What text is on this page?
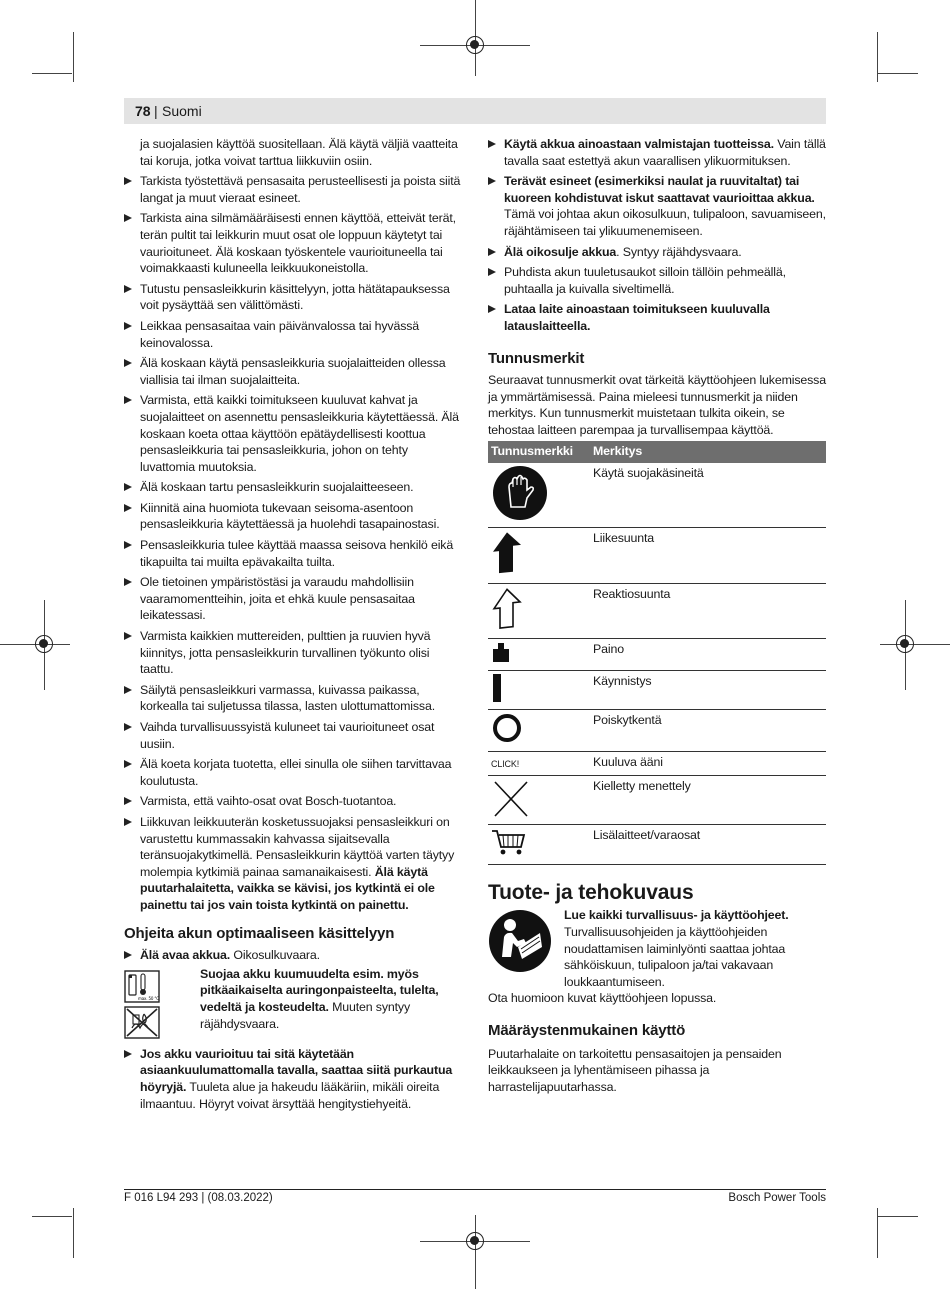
78 | Suomi

ja suojalasien käyttöä suositellaan. Älä käytä väljiä vaatteita tai koruja, jotka voivat tarttua liikkuviin osiin.

Tarkista työstettävä pensasaita perusteellisesti ja poista siitä langat ja muut vieraat esineet.
Tarkista aina silmämääräisesti ennen käyttöä, etteivät terät, terän pultit tai leikkurin muut osat ole loppuun käytetyt tai vaurioituneet. Älä koskaan työskentele vaurioituneella tai voimakkaasti kuluneella leikkuukoneistolla.
Tutustu pensasleikkurin käsittelyyn, jotta hätätapauksessa voit pysäyttää sen välittömästi.
Leikkaa pensasaitaa vain päivänvalossa tai hyvässä keinovalossa.
Älä koskaan käytä pensasleikkuria suojalaitteiden ollessa viallisia tai ilman suojalaitteita.
Varmista, että kaikki toimitukseen kuuluvat kahvat ja suojalaitteet on asennettu pensasleikkuria käytettäessä. Älä koskaan koeta ottaa käyttöön epätäydellisesti koottua pensasleikkuria tai pensasleikkuria, johon on tehty luvattomia muutoksia.
Älä koskaan tartu pensasleikkurin suojalaitteeseen.
Kiinnitä aina huomiota tukevaan seisoma-asentoon pensasleikkuria käytettäessä ja huolehdi tasapainostasi.
Pensasleikkuria tulee käyttää maassa seisova henkilö eikä tikapuilta tai muilta epävakailta tuilta.
Ole tietoinen ympäristöstäsi ja varaudu mahdollisiin vaaramomentteihin, joita et ehkä kuule pensasaitaa leikatessasi.
Varmista kaikkien muttereiden, pulttien ja ruuvien hyvä kiinnitys, jotta pensasleikkurin turvallinen työkunto olisi taattu.
Säilytä pensasleikkuri varmassa, kuivassa paikassa, korkealla tai suljetussa tilassa, lasten ulottumattomissa.
Vaihda turvallisuussyistä kuluneet tai vaurioituneet osat uusiin.
Älä koeta korjata tuotetta, ellei sinulla ole siihen tarvittavaa koulutusta.
Varmista, että vaihto-osat ovat Bosch-tuotantoa.
Liikkuvan leikkuuterän kosketussuojaksi pensasleikkuri on varustettu kummassakin kahvassa sijaitsevalla teränsuojakytkimellä. Pensasleikkurin käyttöä varten täytyy molempia kytkimiä painaa samanaikaisesti. Älä käytä puutarhalaitetta, vaikka se kävisi, jos kytkintä ei ole painettu tai jos vain toista kytkintä on painettu.
Ohjeita akun optimaaliseen käsittelyyn
Älä avaa akkua. Oikosulkuvaara.
max. 50 °C
Suojaa akku kuumuudelta esim. myös pitkäaikaiselta auringonpaisteelta, tulelta, vedeltä ja kosteudelta. Muuten syntyy räjähdysvaara.
Jos akku vaurioituu tai sitä käytetään asiaankuulumattomalla tavalla, saattaa siitä purkautua höyryjä. Tuuleta alue ja hakeudu lääkäriin, mikäli oireita ilmaantuu. Höyryt voivat ärsyttää hengitystiehyeitä.
Käytä akkua ainoastaan valmistajan tuotteissa. Vain tällä tavalla saat estettyä akun vaarallisen ylikuormituksen.
Terävät esineet (esimerkiksi naulat ja ruuvitaltat) tai kuoreen kohdistuvat iskut saattavat vaurioittaa akkua. Tämä voi johtaa akun oikosulkuun, tulipaloon, savuamiseen, räjähtämiseen tai ylikuumenemiseen.
Älä oikosulje akkua. Syntyy räjähdysvaara.
Puhdista akun tuuletusaukot silloin tällöin pehmeällä, puhtaalla ja kuivalla siveltimellä.
Lataa laite ainoastaan toimitukseen kuuluvalla latauslaitteella.
Tunnusmerkit

Seuraavat tunnusmerkit ovat tärkeitä käyttöohjeen lukemisessa ja ymmärtämisessä. Paina mieleesi tunnusmerkit ja niiden merkitys. Kun tunnusmerkit muistetaan tulkita oikein, se tehostaa laitteen parempaa ja turvallisempaa käyttöä.

Tunnusmerkki	Merkitys
	Käytä suojakäsineitä
	Liikesuunta
	Reaktiosuunta
	Paino
	Käynnistys
	Poiskytkentä
CLICK!	Kuuluva ääni
	Kielletty menettely
	Lisälaitteet/varaosat
Tuote- ja tehokuvaus
Lue kaikki turvallisuus- ja käyttöohjeet. Turvallisuusohjeiden ja käyttöohjeiden noudattamisen laiminlyönti saattaa johtaa sähköiskuun, tulipaloon ja/tai vakavaan loukkaantumiseen.

Ota huomioon kuvat käyttöohjeen lopussa.

Määräystenmukainen käyttö

Puutarhalaite on tarkoitettu pensasaitojen ja pensaiden leikkaukseen ja lyhentämiseen pihassa ja harrastelijapuutarhassa.

F 016 L94 293 | (08.03.2022)	Bosch Power Tools
